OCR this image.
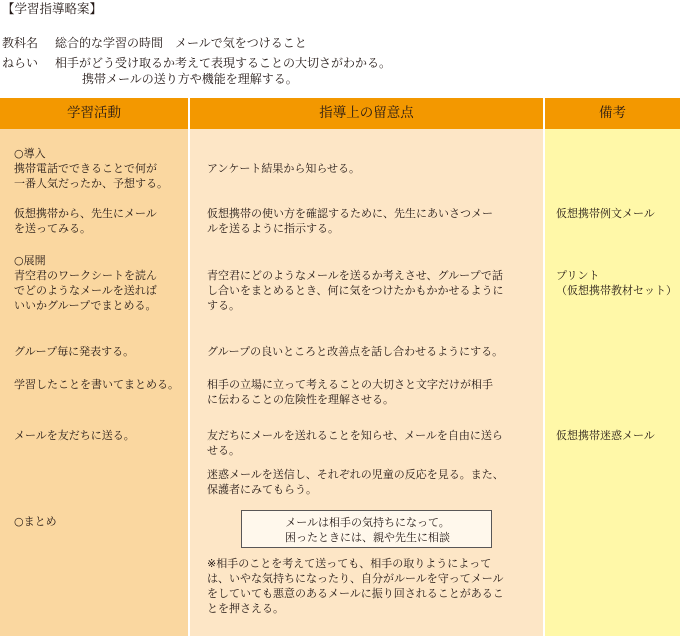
【学習指導略案】
教科名 総合的な学習の時間　メールで気をつけること
ねらい 相手がどう受け取るか考えて表現することの大切さがわかる。
携帯メールの送り方や機能を理解する。
学習活動	指導上の留意点	備考
○導入
携帯電話でできることで何が
一番人気だったか、予想する。
仮想携帯から、先生にメール
を送ってみる。
○展開
青空君のワークシートを読ん
でどのようなメールを送れば
いいかグループでまとめる。
グループ毎に発表する。
学習したことを書いてまとめる。
メールを友だちに送る。
○まとめ
アンケート結果から知らせる。
仮想携帯の使い方を確認するために、先生にあいさつメー
ルを送るように指示する。
青空君にどのようなメールを送るか考えさせ、グループで話
し合いをまとめるとき、何に気をつけたかもかかせるように
する。
グループの良いところと改善点を話し合わせるようにする。
相手の立場に立って考えることの大切さと文字だけが相手
に伝わることの危険性を理解させる。
友だちにメールを送れることを知らせ、メールを自由に送ら
せる。
迷惑メールを送信し、それぞれの児童の反応を見る。また、
保護者にみてもらう。
メールは相手の気持ちになって。
困ったときには、親や先生に相談
※相手のことを考えて送っても、相手の取りようによって
は、いやな気持ちになったり、自分がルールを守ってメール
をしていても悪意のあるメールに振り回されることがあるこ
とを押さえる。
仮想携帯例文メール
プリント
（仮想携帯教材セット）
仮想携帯迷惑メール
